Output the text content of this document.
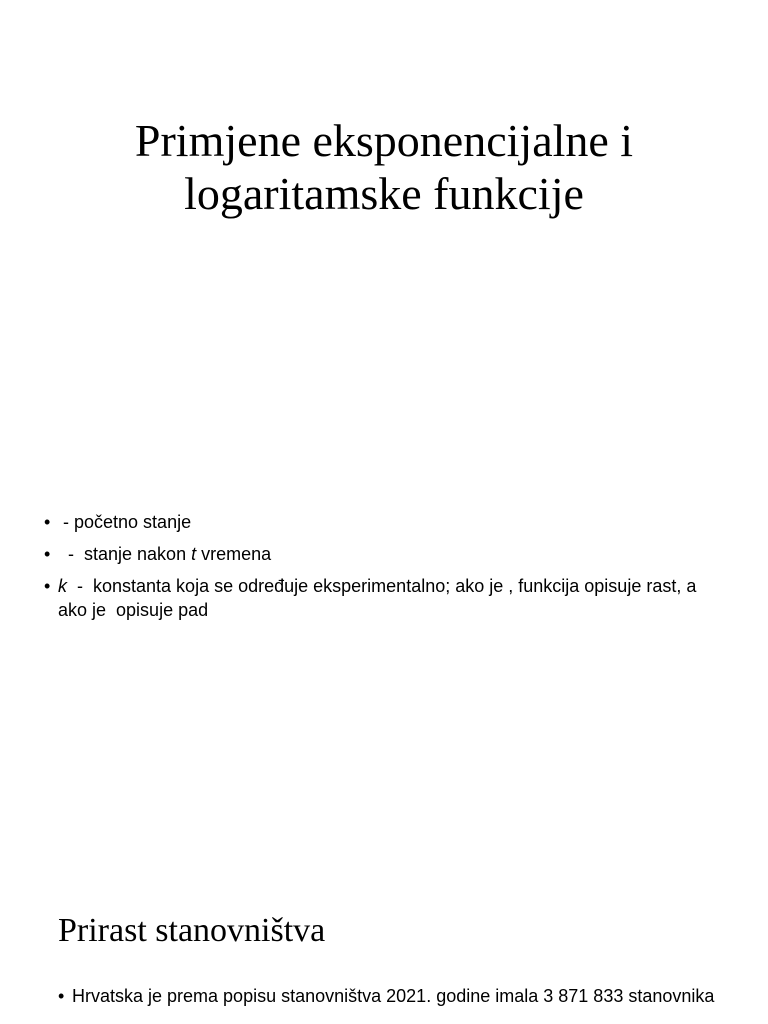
Primjene eksponencijalne i
logaritamske funkcije
• - početno stanje
• -  stanje nakon t vremena
• k  -  konstanta koja se određuje eksperimentalno; ako je , funkcija opisuje rast, a ako je  opisuje pad
Prirast stanovništva
• Hrvatska je prema popisu stanovništva 2021. godine imala 3 871 833 stanovnika
